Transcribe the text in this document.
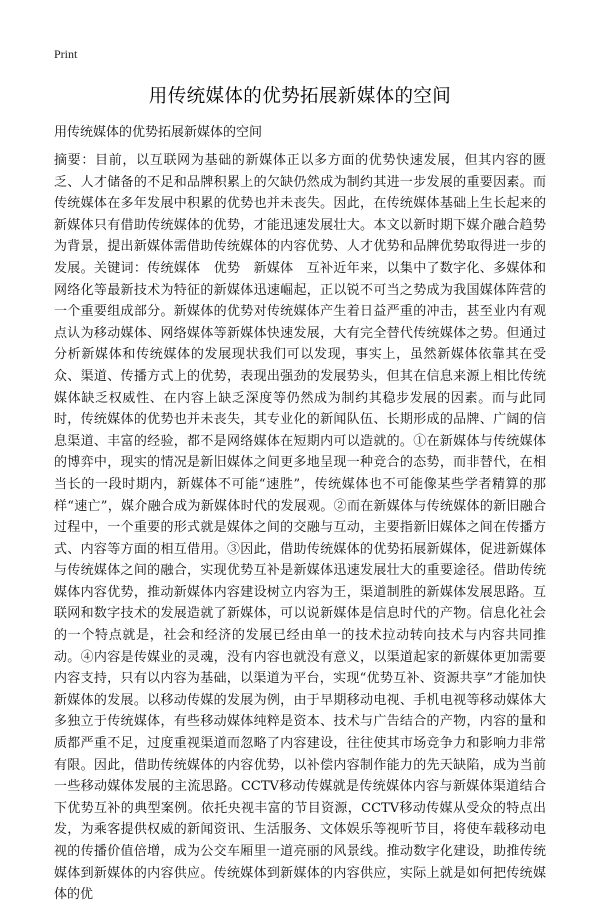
Print
用传统媒体的优势拓展新媒体的空间
用传统媒体的优势拓展新媒体的空间

摘要：目前，以互联网为基础的新媒体正以多方面的优势快速发展，但其内容的匮乏、人才储备的不足和品牌积累上的欠缺仍然成为制约其进一步发展的重要因素。而传统媒体在多年发展中积累的优势也并未丧失。因此，在传统媒体基础上生长起来的新媒体只有借助传统媒体的优势，才能迅速发展壮大。本文以新时期下媒介融合趋势为背景，提出新媒体需借助传统媒体的内容优势、人才优势和品牌优势取得进一步的发展。关键词：传统媒体　优势　新媒体　互补近年来，以集中了数字化、多媒体和网络化等最新技术为特征的新媒体迅速崛起，正以锐不可当之势成为我国媒体阵营的一个重要组成部分。新媒体的优势对传统媒体产生着日益严重的冲击，甚至业内有观点认为移动媒体、网络媒体等新媒体快速发展，大有完全替代传统媒体之势。但通过分析新媒体和传统媒体的发展现状我们可以发现，事实上，虽然新媒体依靠其在受众、渠道、传播方式上的优势，表现出强劲的发展势头，但其在信息来源上相比传统媒体缺乏权威性、在内容上缺乏深度等仍然成为制约其稳步发展的因素。而与此同时，传统媒体的优势也并未丧失，其专业化的新闻队伍、长期形成的品牌、广阔的信息渠道、丰富的经验，都不是网络媒体在短期内可以造就的。①在新媒体与传统媒体的博弈中，现实的情况是新旧媒体之间更多地呈现一种竞合的态势，而非替代，在相当长的一段时期内，新媒体不可能“速胜”，传统媒体也不可能像某些学者精算的那样“速亡”，媒介融合成为新媒体时代的发展观。②而在新媒体与传统媒体的新旧融合过程中，一个重要的形式就是媒体之间的交融与互动，主要指新旧媒体之间在传播方式、内容等方面的相互借用。③因此，借助传统媒体的优势拓展新媒体，促进新媒体与传统媒体之间的融合，实现优势互补是新媒体迅速发展壮大的重要途径。借助传统媒体内容优势，推动新媒体内容建设树立内容为王，渠道制胜的新媒体发展思路。互联网和数字技术的发展造就了新媒体，可以说新媒体是信息时代的产物。信息化社会的一个特点就是，社会和经济的发展已经由单一的技术拉动转向技术与内容共同推动。④内容是传媒业的灵魂，没有内容也就没有意义，以渠道起家的新媒体更加需要内容支持，只有以内容为基础，以渠道为平台，实现“优势互补、资源共享”才能加快新媒体的发展。以移动传媒的发展为例，由于早期移动电视、手机电视等移动媒体大多独立于传统媒体，有些移动媒体纯粹是资本、技术与广告结合的产物，内容的量和质都严重不足，过度重视渠道而忽略了内容建设，往往使其市场竞争力和影响力非常有限。因此，借助传统媒体的内容优势，以补偿内容制作能力的先天缺陷，成为当前一些移动媒体发展的主流思路。CCTV移动传媒就是传统媒体内容与新媒体渠道结合下优势互补的典型案例。依托央视丰富的节目资源，CCTV移动传媒从受众的特点出发，为乘客提供权威的新闻资讯、生活服务、文体娱乐等视听节目，将使车载移动电视的传播价值倍增，成为公交车厢里一道亮丽的风景线。推动数字化建设，助推传统媒体到新媒体的内容供应。传统媒体到新媒体的内容供应，实际上就是如何把传统媒体的优
